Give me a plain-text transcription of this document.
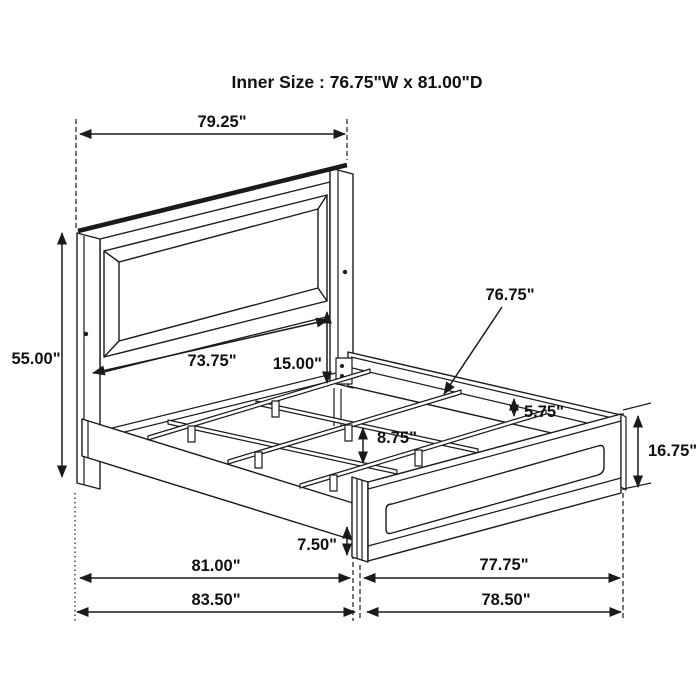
Inner Size : 76.75"W x 81.00"D
79.25"
55.00"	73.75" 15.00"
76.75"
5.75"
8.75"
16.75"
7.50"
81.00"	77.75"
83.50"	78.50"
